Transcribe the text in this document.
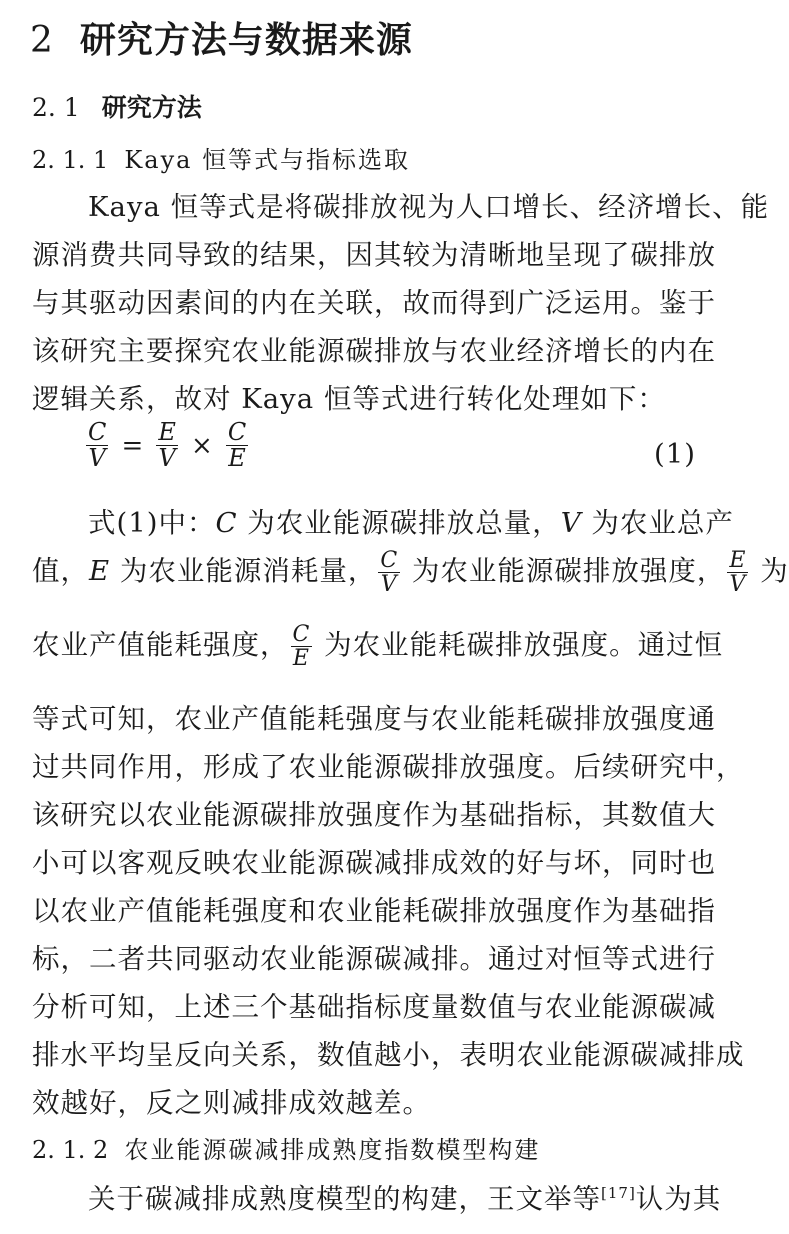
2 研究方法与数据来源
2. 1 研究方法
2. 1. 1 Kaya 恒等式与指标选取
Kaya 恒等式是将碳排放视为人口增长、经济增长、能
源消费共同导致的结果，因其较为清晰地呈现了碳排放
与其驱动因素间的内在关联，故而得到广泛运用。鉴于
该研究主要探究农业能源碳排放与农业经济增长的内在
逻辑关系，故对 Kaya 恒等式进行转化处理如下：
$\frac{C}{V} = \frac{E}{V} \times \frac{C}{E}$	(1)
式(1)中：C 为农业能源碳排放总量，V 为农业总产
值，E 为农业能源消耗量， $\frac{C}{V}$ 为农业能源碳排放强度， $\frac{E}{V}$ 为
农业产值能耗强度， $\frac{C}{E}$ 为农业能耗碳排放强度。通过恒
等式可知，农业产值能耗强度与农业能耗碳排放强度通
过共同作用，形成了农业能源碳排放强度。后续研究中，
该研究以农业能源碳排放强度作为基础指标，其数值大
小可以客观反映农业能源碳减排成效的好与坏，同时也
以农业产值能耗强度和农业能耗碳排放强度作为基础指
标，二者共同驱动农业能源碳减排。通过对恒等式进行
分析可知，上述三个基础指标度量数值与农业能源碳减
排水平均呈反向关系，数值越小，表明农业能源碳减排成
效越好，反之则减排成效越差。
2. 1. 2 农业能源碳减排成熟度指数模型构建
关于碳减排成熟度模型的构建，王文举等[17]认为其
